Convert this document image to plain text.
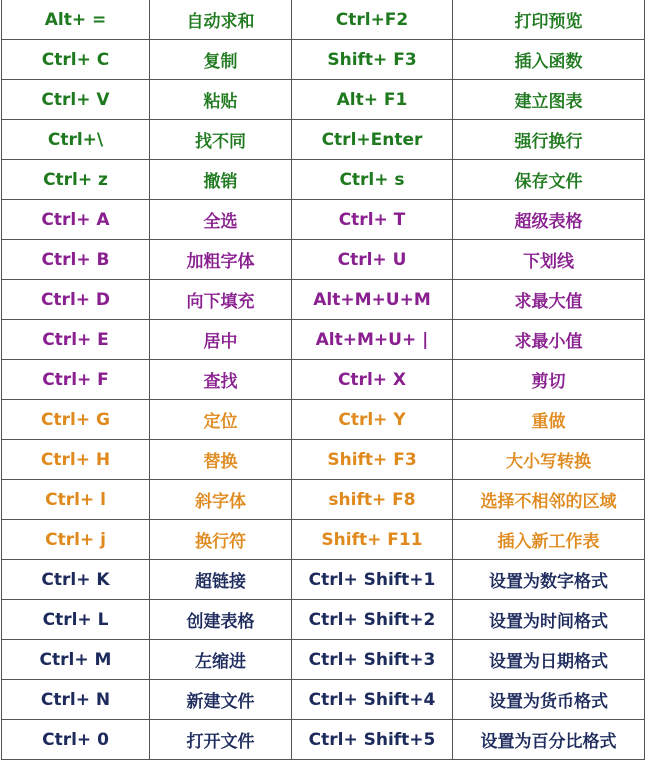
Alt+ =	自动求和	Ctrl+F2	打印预览
Ctrl+ C	复制	Shift+ F3	插入函数
Ctrl+ V	粘贴	Alt+ F1	建立图表
Ctrl+\	找不同	Ctrl+Enter	强行换行
Ctrl+ z	撤销	Ctrl+ s	保存文件
Ctrl+ A	全选	Ctrl+ T	超级表格
Ctrl+ B	加粗字体	Ctrl+ U	下划线
Ctrl+ D	向下填充	Alt+M+U+M	求最大值
Ctrl+ E	居中	Alt+M+U+ |	求最小值
Ctrl+ F	查找	Ctrl+ X	剪切
Ctrl+ G	定位	Ctrl+ Y	重做
Ctrl+ H	替换	Shift+ F3	大小写转换
Ctrl+ l	斜字体	shift+ F8	选择不相邻的区域
Ctrl+ j	换行符	Shift+ F11	插入新工作表
Ctrl+ K	超链接	Ctrl+ Shift+1	设置为数字格式
Ctrl+ L	创建表格	Ctrl+ Shift+2	设置为时间格式
Ctrl+ M	左缩进	Ctrl+ Shift+3	设置为日期格式
Ctrl+ N	新建文件	Ctrl+ Shift+4	设置为货币格式
Ctrl+ 0	打开文件	Ctrl+ Shift+5	设置为百分比格式
